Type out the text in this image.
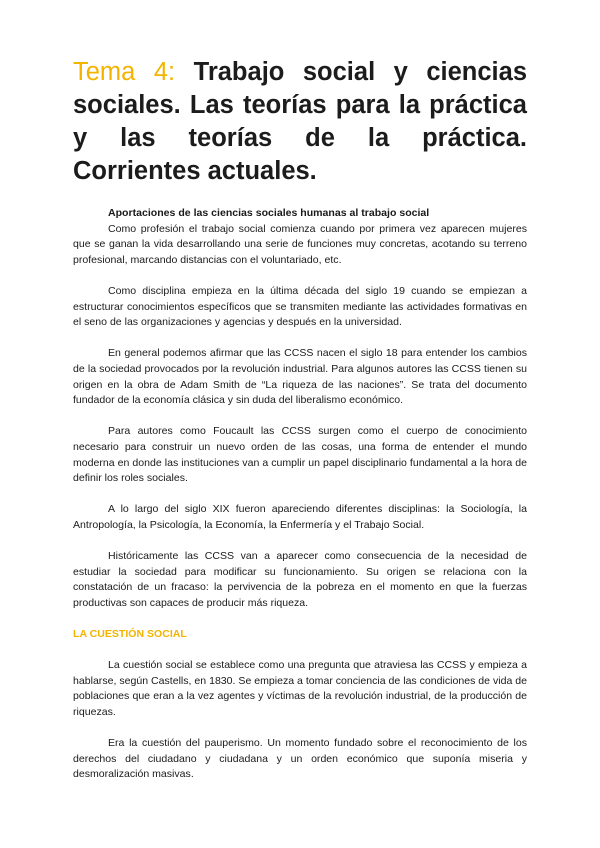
Tema 4: Trabajo social y ciencias sociales. Las teorías para la práctica y las teorías de la práctica. Corrientes actuales.

Aportaciones de las ciencias sociales humanas al trabajo social
Como profesión el trabajo social comienza cuando por primera vez aparecen mujeres que se ganan la vida desarrollando una serie de funciones muy concretas, acotando su terreno profesional, marcando distancias con el voluntariado, etc.

Como disciplina empieza en la última década del siglo 19 cuando se empiezan a estructurar conocimientos específicos que se transmiten mediante las actividades formativas en el seno de las organizaciones y agencias y después en la universidad.

En general podemos afirmar que las CCSS nacen el siglo 18 para entender los cambios de la sociedad provocados por la revolución industrial. Para algunos autores las CCSS tienen su origen en la obra de Adam Smith de “La riqueza de las naciones”. Se trata del documento fundador de la economía clásica y sin duda del liberalismo económico.

Para autores como Foucault las CCSS surgen como el cuerpo de conocimiento necesario para construir un nuevo orden de las cosas, una forma de entender el mundo moderna en donde las instituciones van a cumplir un papel disciplinario fundamental a la hora de definir los roles sociales.

A lo largo del siglo XIX fueron apareciendo diferentes disciplinas: la Sociología, la Antropología, la Psicología, la Economía, la Enfermería y el Trabajo Social.

Históricamente las CCSS van a aparecer como consecuencia de la necesidad de estudiar la sociedad para modificar su funcionamiento. Su origen se relaciona con la constatación de un fracaso: la pervivencia de la pobreza en el momento en que la fuerzas productivas son capaces de producir más riqueza.

LA CUESTIÓN SOCIAL

La cuestión social se establece como una pregunta que atraviesa las CCSS y empieza a hablarse, según Castells, en 1830. Se empieza a tomar conciencia de las condiciones de vida de poblaciones que eran a la vez agentes y víctimas de la revolución industrial, de la producción de riquezas.

Era la cuestión del pauperismo. Un momento fundado sobre el reconocimiento de los derechos del ciudadano y ciudadana y un orden económico que suponía miseria y desmoralización masivas.
